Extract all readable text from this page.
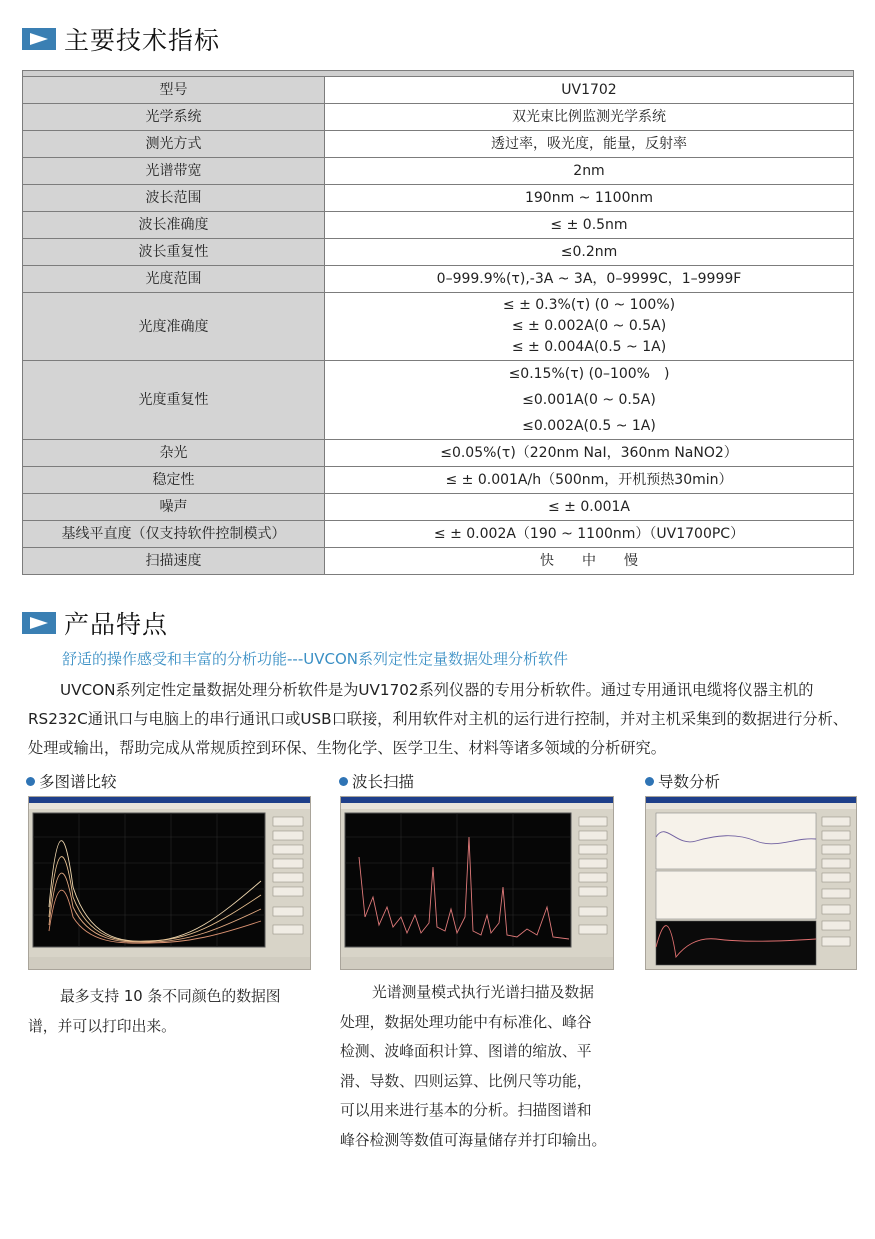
主要技术指标

型号	UV1702

光学系统	双光束比例监测光学系统

测光方式	透过率，吸光度，能量，反射率

光谱带宽	2nm

波长范围	190nm ~ 1100nm

波长准确度	≤ ± 0.5nm

波长重复性	≤0.2nm

光度范围	0–999.9%(τ),-3A ~ 3A，0–9999C，1–9999F

光度准确度	≤ ± 0.3%(τ) (0 ~ 100%)
≤ ± 0.002A(0 ~ 0.5A)
≤ ± 0.004A(0.5 ~ 1A)

光度重复性	≤0.15%(τ) (0–100%　)
≤0.001A(0 ~ 0.5A)
≤0.002A(0.5 ~ 1A)

杂光	≤0.05%(τ)（220nm NaI，360nm NaNO2）

稳定性	≤ ± 0.001A/h（500nm，开机预热30min）

噪声	≤ ± 0.001A

基线平直度（仅支持软件控制模式）	≤ ± 0.002A（190 ~ 1100nm）（UV1700PC）

扫描速度	快　　中　　慢
产品特点
舒适的操作感受和丰富的分析功能---UVCON系列定性定量数据处理分析软件
UVCON系列定性定量数据处理分析软件是为UV1702系列仪器的专用分析软件。通过专用通讯电缆将仪器主机的RS232C通讯口与电脑上的串行通讯口或USB口联接，利用软件对主机的运行进行控制，并对主机采集到的数据进行分析、处理或输出，帮助完成从常规质控到环保、生物化学、医学卫生、材料等诸多领域的分析研究。
多图谱比较
最多支持 10 条不同颜色的数据图
谱，并可以打印出来。
波长扫描
光谱测量模式执行光谱扫描及数据
处理，数据处理功能中有标准化、峰谷
检测、波峰面积计算、图谱的缩放、平
滑、导数、四则运算、比例尺等功能，
可以用来进行基本的分析。扫描图谱和
峰谷检测等数值可海量储存并打印输出。
导数分析
